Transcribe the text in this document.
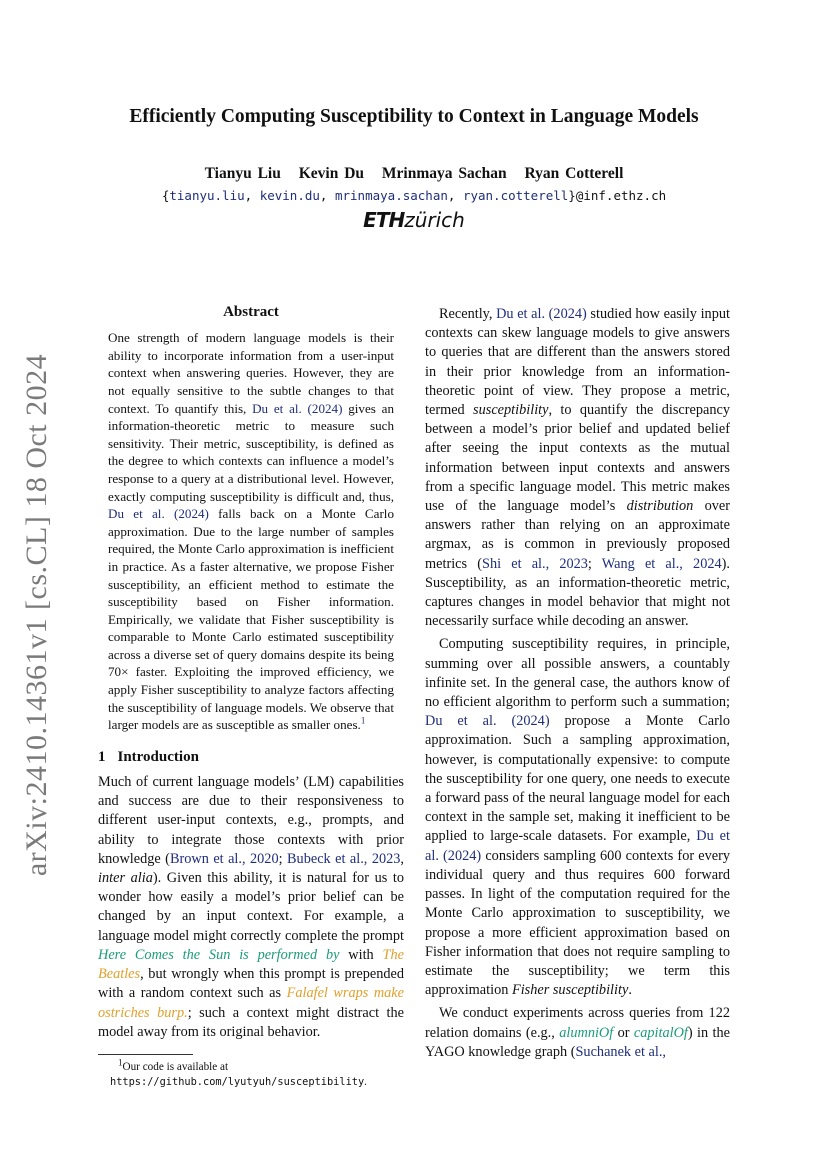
arXiv:2410.14361v1 [cs.CL] 18 Oct 2024
Efficiently Computing Susceptibility to Context in Language Models
Tianyu Liu Kevin Du Mrinmaya Sachan Ryan Cotterell
{tianyu.liu, kevin.du, mrinmaya.sachan, ryan.cotterell}@inf.ethz.ch
ETHzürich
Abstract

One strength of modern language models is their ability to incorporate information from a user-input context when answering queries. However, they are not equally sensitive to the subtle changes to that context. To quantify this, Du et al. (2024) gives an information-theoretic metric to measure such sensitivity. Their metric, susceptibility, is defined as the degree to which contexts can influence a model’s response to a query at a distributional level. However, exactly computing susceptibility is difficult and, thus, Du et al. (2024) falls back on a Monte Carlo approximation. Due to the large number of samples required, the Monte Carlo approximation is inefficient in practice. As a faster alternative, we propose Fisher susceptibility, an efficient method to estimate the susceptibility based on Fisher information. Empirically, we validate that Fisher susceptibility is comparable to Monte Carlo estimated susceptibility across a diverse set of query domains despite its being 70× faster. Exploiting the improved efficiency, we apply Fisher susceptibility to analyze factors affecting the susceptibility of language models. We observe that larger models are as susceptible as smaller ones.$^1$

1 Introduction

Much of current language models’ (LM) capabilities and success are due to their responsiveness to different user-input contexts, e.g., prompts, and ability to integrate those contexts with prior knowledge (Brown et al., 2020; Bubeck et al., 2023, inter alia). Given this ability, it is natural for us to wonder how easily a model’s prior belief can be changed by an input context. For example, a language model might correctly complete the prompt Here Comes the Sun is performed by with The Beatles, but wrongly when this prompt is prepended with a random context such as Falafel wraps make ostriches burp.; such a context might distract the model away from its original behavior.

Recently, Du et al. (2024) studied how easily input contexts can skew language models to give answers to queries that are different than the answers stored in their prior knowledge from an information-theoretic point of view. They propose a metric, termed susceptibility, to quantify the discrepancy between a model’s prior belief and updated belief after seeing the input contexts as the mutual information between input contexts and answers from a specific language model. This metric makes use of the language model’s distribution over answers rather than relying on an approximate argmax, as is common in previously proposed metrics (Shi et al., 2023; Wang et al., 2024). Susceptibility, as an information-theoretic metric, captures changes in model behavior that might not necessarily surface while decoding an answer.

Computing susceptibility requires, in principle, summing over all possible answers, a countably infinite set. In the general case, the authors know of no efficient algorithm to perform such a summation; Du et al. (2024) propose a Monte Carlo approximation. Such a sampling approximation, however, is computationally expensive: to compute the susceptibility for one query, one needs to execute a forward pass of the neural language model for each context in the sample set, making it inefficient to be applied to large-scale datasets. For example, Du et al. (2024) considers sampling 600 contexts for every individual query and thus requires 600 forward passes. In light of the computation required for the Monte Carlo approximation to susceptibility, we propose a more efficient approximation based on Fisher information that does not require sampling to estimate the susceptibility; we term this approximation Fisher susceptibility.

We conduct experiments across queries from 122 relation domains (e.g., alumniOf or capitalOf) in the YAGO knowledge graph (Suchanek et al.,

$^1$Our code is available at https://github.com/lyutyuh/susceptibility.
